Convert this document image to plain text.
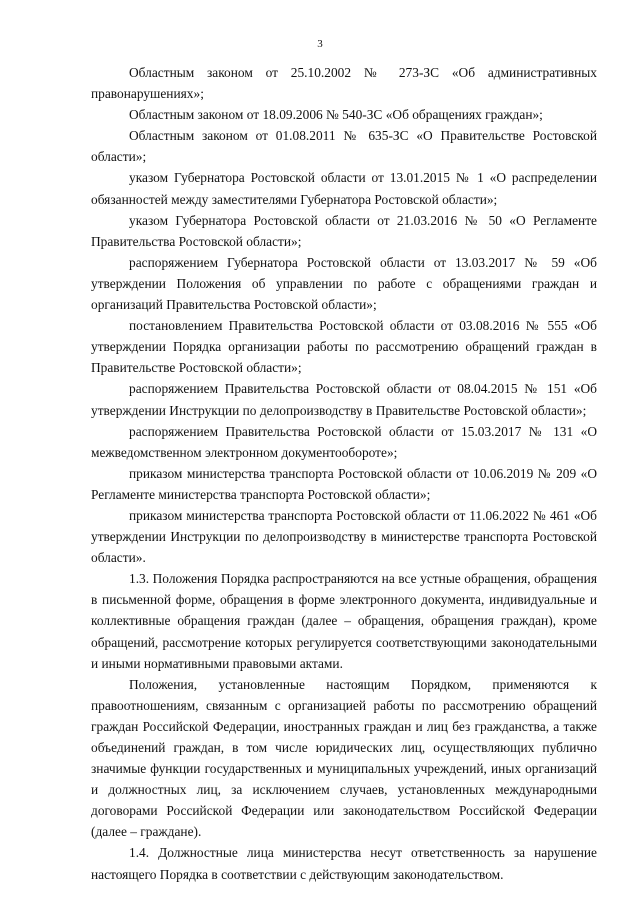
3

Областным законом от 25.10.2002 № 273-ЗС «Об административных правонарушениях»;

Областным законом от 18.09.2006 № 540-ЗС «Об обращениях граждан»;

Областным законом от 01.08.2011 № 635-ЗС «О Правительстве Ростовской области»;

указом Губернатора Ростовской области от 13.01.2015 № 1 «О распределении обязанностей между заместителями Губернатора Ростовской области»;

указом Губернатора Ростовской области от 21.03.2016 № 50 «О Регламенте Правительства Ростовской области»;

распоряжением Губернатора Ростовской области от 13.03.2017 № 59 «Об утверждении Положения об управлении по работе с обращениями граждан и организаций Правительства Ростовской области»;

постановлением Правительства Ростовской области от 03.08.2016 № 555 «Об утверждении Порядка организации работы по рассмотрению обращений граждан в Правительстве Ростовской области»;

распоряжением Правительства Ростовской области от 08.04.2015 № 151 «Об утверждении Инструкции по делопроизводству в Правительстве Ростовской области»;

распоряжением Правительства Ростовской области от 15.03.2017 № 131 «О межведомственном электронном документообороте»;

приказом министерства транспорта Ростовской области от 10.06.2019 № 209 «О Регламенте министерства транспорта Ростовской области»;

приказом министерства транспорта Ростовской области от 11.06.2022 № 461 «Об утверждении Инструкции по делопроизводству в министерстве транспорта Ростовской области».

1.3. Положения Порядка распространяются на все устные обращения, обращения в письменной форме, обращения в форме электронного документа, индивидуальные и коллективные обращения граждан (далее – обращения, обращения граждан), кроме обращений, рассмотрение которых регулируется соответствующими законодательными и иными нормативными правовыми актами.

Положения, установленные настоящим Порядком, применяются к правоотношениям, связанным с организацией работы по рассмотрению обращений граждан Российской Федерации, иностранных граждан и лиц без гражданства, а также объединений граждан, в том числе юридических лиц, осуществляющих публично значимые функции государственных и муниципальных учреждений, иных организаций и должностных лиц, за исключением случаев, установленных международными договорами Российской Федерации или законодательством Российской Федерации (далее – граждане).

1.4. Должностные лица министерства несут ответственность за нарушение настоящего Порядка в соответствии с действующим законодательством.
